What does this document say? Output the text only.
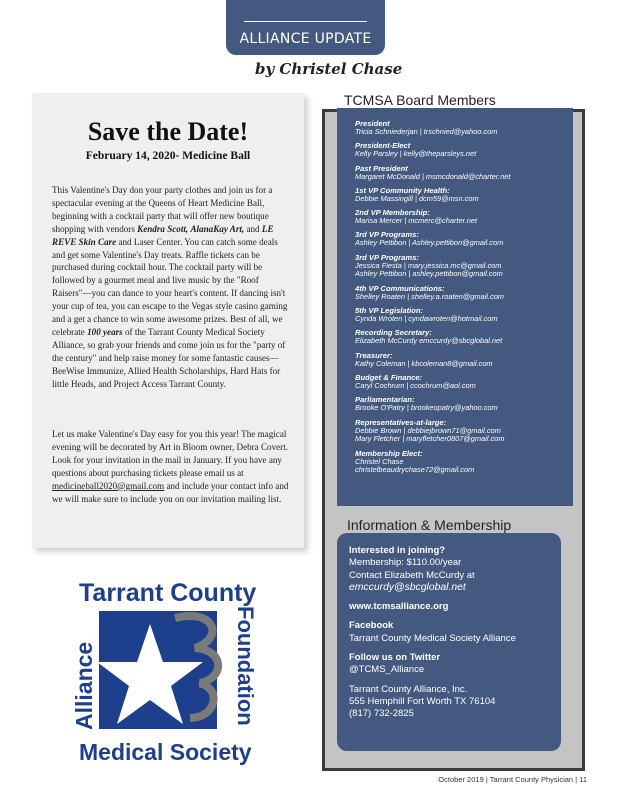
ALLIANCE UPDATE
by Christel Chase
Save the Date!
February 14, 2020- Medicine Ball
This Valentine's Day don your party clothes and join us for a spectacular evening at the Queens of Heart Medicine Ball, beginning with a cocktail party that will offer new boutique shopping with vendors Kendra Scott, AlanaKay Art, and LE REVE Skin Care and Laser Center. You can catch some deals and get some Valentine's Day treats. Raffle tickets can be purchased during cocktail hour. The cocktail party will be followed by a gourmet meal and live music by the "Roof Raisers"—you can dance to your heart's content. If dancing isn't your cup of tea, you can escape to the Vegas style casino gaming and a get a chance to win some awesome prizes. Best of all, we celebrate 100 years of the Tarrant County Medical Society Alliance, so grab your friends and come join us for the "party of the century" and help raise money for some fantastic causes—BeeWise Immunize, Allied Health Scholarships, Hard Hats for little Heads, and Project Access Tarrant County.
Let us make Valentine's Day easy for you this year! The magical evening will be decorated by Art in Bloom owner, Debra Covert. Look for your invitation in the mail in January. If you have any questions about purchasing tickets please email us at medicineball2020@gmail.com and include your contact info and we will make sure to include you on our invitation mailing list.
Tarrant County
Alliance	Foundation
Medical Society
TCMSA Board Members
President
Tricia Schniederjan | trschnied@yahoo.com
President-Elect
Kelly Parsley | kelly@theparsleys.net
Past President
Margaret McDonald | msmcdonald@charter.net
1st VP Community Health:
Debbie Massingill | dcm59@msn.com
2nd VP Membership:
Marisa Mercer | mcmerc@charter.net
3rd VP Programs:
Ashley Pettibon | Ashley.pettibon@gmail.com
3rd VP Programs:
Jessica Fiesta | mary.jessica.mc@gmail.com
Ashley Pettibon | ashley.pettibon@gmail.com
4th VP Communications:
Shelley Roaten | shelley.a.roaten@gmail.com
5th VP Legislation:
Cynda Wroten | cyndawroten@hotmail.com
Recording Secretary:
Elizabeth McCurdy emccurdy@sbcglobal.net
Treasurer:
Kathy Coleman | kbcoleman8@gmail.com
Budget & Finance:
Caryl Cochrum | ccochrum@aol.com
Parliamentarian:
Brooke O'Patry | brookeopatry@yahoo.com
Representatives-at-large:
Debbie Brown | debbiejbrown71@gmail.com
Mary Fletcher | maryfletcher0807@gmail.com
Membership Elect:
Christel Chase
christelbeaudrychase72@gmail.com
Information & Membership
Interested in joining?
Membership: $110.00/year
Contact Elizabeth McCurdy at
emccurdy@sbcglobal.net
www.tcmsalliance.org
Facebook
Tarrant County Medical Society Alliance
Follow us on Twitter
@TCMS_Alliance
Tarrant County Alliance, Inc.
555 Hemphill Fort Worth TX 76104
(817) 732-2825
October 2019 | Tarrant County Physician | 11
